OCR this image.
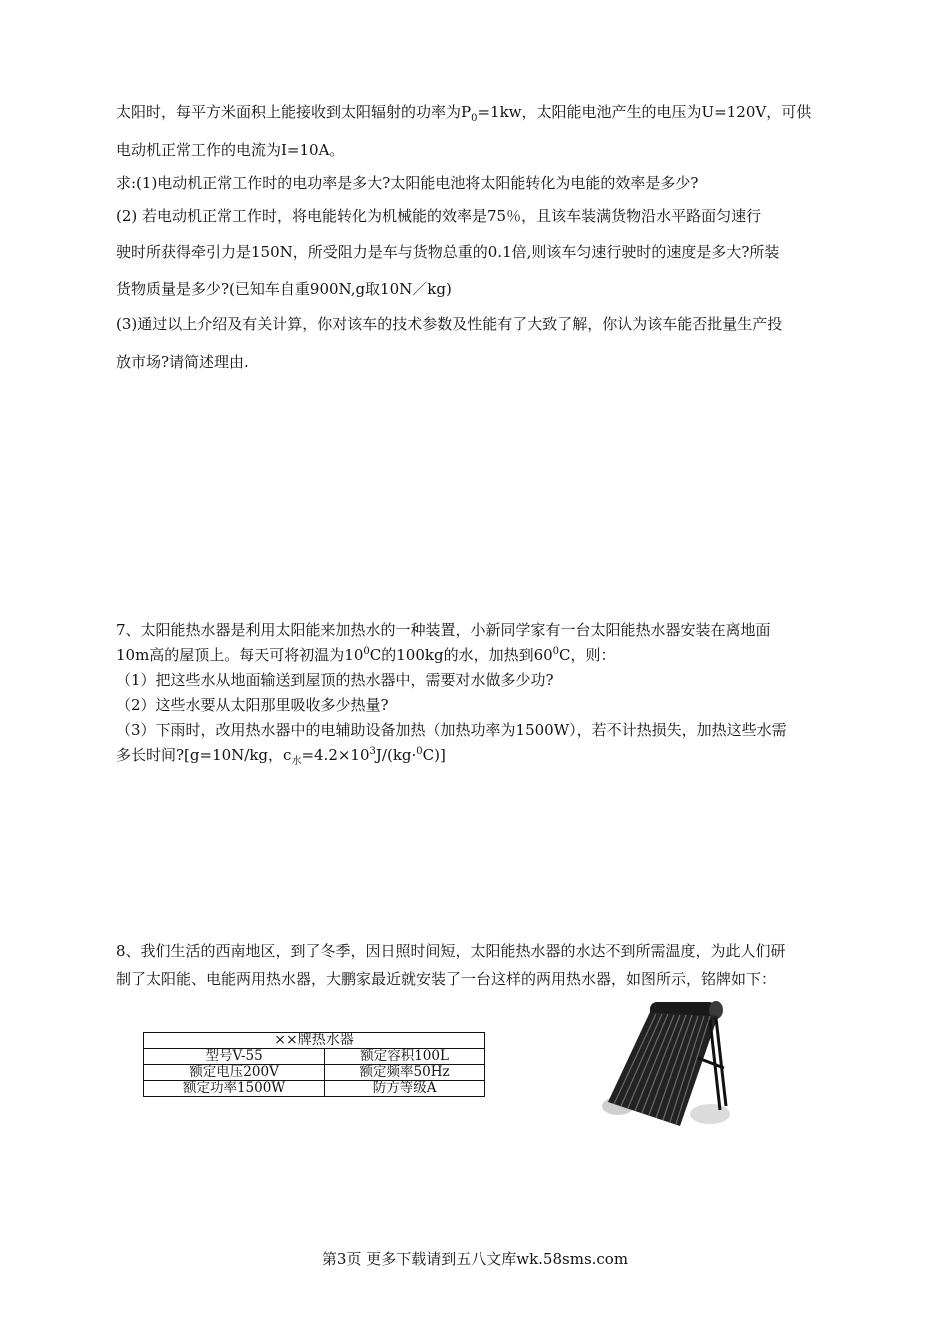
太阳时，每平方米面积上能接收到太阳辐射的功率为$P_0=1kw$，太阳能电池产生的电压为U=120V，可供
电动机正常工作的电流为I=10A。
求:(1)电动机正常工作时的电功率是多大?太阳能电池将太阳能转化为电能的效率是多少?
(2) 若电动机正常工作时，将电能转化为机械能的效率是75％，且该车装满货物沿水平路面匀速行
驶时所获得牵引力是150N，所受阻力是车与货物总重的0.1倍,则该车匀速行驶时的速度是多大?所装
货物质量是多少?(已知车自重900N,g取10N／kg)
(3)通过以上介绍及有关计算，你对该车的技术参数及性能有了大致了解，你认为该车能否批量生产投
放市场?请简述理由.
7、太阳能热水器是利用太阳能来加热水的一种装置，小新同学家有一台太阳能热水器安装在离地面
10m高的屋顶上。每天可将初温为$10^0C$的100kg的水，加热到$60^0C$，则：
（1）把这些水从地面输送到屋顶的热水器中，需要对水做多少功?
（2）这些水要从太阳那里吸收多少热量?
（3）下雨时，改用热水器中的电辅助设备加热（加热功率为1500W），若不计热损失，加热这些水需
多长时间?[g=10N/kg，$c_水=4.2\times 10^3J/(kg\cdot^0C)$]
8、我们生活的西南地区，到了冬季，因日照时间短，太阳能热水器的水达不到所需温度，为此人们研
制了太阳能、电能两用热水器，大鹏家最近就安装了一台这样的两用热水器，如图所示，铭牌如下：
××牌热水器	
型号V-55	额定容积100L
额定电压200V	额定频率50Hz
额定功率1500W	防方等级A
第3页 更多下载请到五八文库wk.58sms.com
